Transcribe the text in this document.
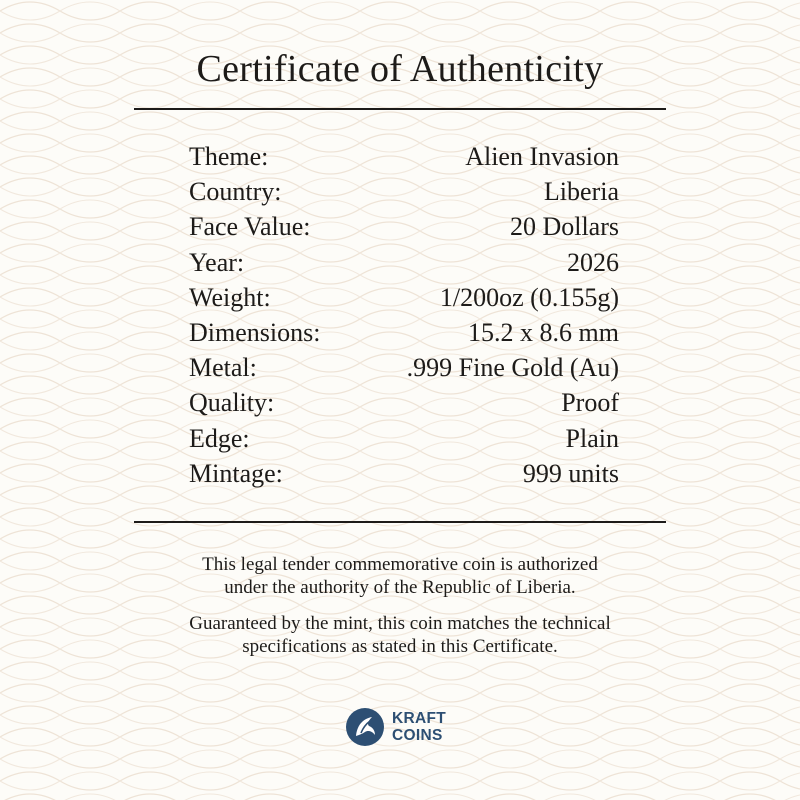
Certificate of Authenticity
Theme:	Alien Invasion
Country:	Liberia
Face Value:	20 Dollars
Year:	2026
Weight:	1/200oz (0.155g)
Dimensions:	15.2 x 8.6 mm
Metal:	.999 Fine Gold (Au)
Quality:	Proof
Edge:	Plain
Mintage:	999 units

This legal tender commemorative coin is authorized
under the authority of the Republic of Liberia.

Guaranteed by the mint, this coin matches the technical
specifications as stated in this Certificate.

KRAFT
COINS
